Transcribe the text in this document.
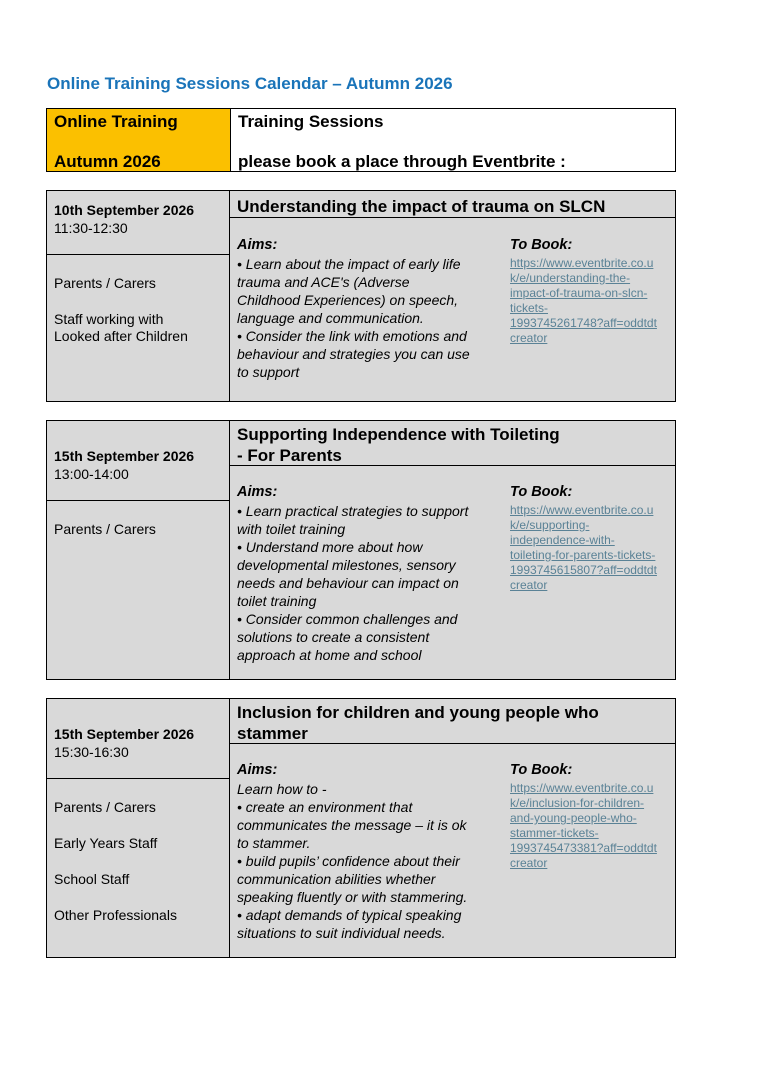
Online Training Sessions Calendar – Autumn 2026
Online Training
Autumn 2026
Training Sessions
please book a place through Eventbrite :
10th September 2026
11:30-12:30
Parents / Carers
Staff working with
Looked after Children
Understanding the impact of trauma on SLCN
Aims:
• Learn about the impact of early life
trauma and ACE's (Adverse
Childhood Experiences) on speech,
language and communication.
• Consider the link with emotions and
behaviour and strategies you can use
to support
To Book:
https://www.eventbrite.co.u
k/e/understanding-the-
impact-of-trauma-on-slcn-
tickets-
1993745261748?aff=oddtdt
creator
15th September 2026
13:00-14:00
Parents / Carers
Supporting Independence with Toileting
- For Parents
Aims:
• Learn practical strategies to support
with toilet training
• Understand more about how
developmental milestones, sensory
needs and behaviour can impact on
toilet training
• Consider common challenges and
solutions to create a consistent
approach at home and school
To Book:
https://www.eventbrite.co.u
k/e/supporting-
independence-with-
toileting-for-parents-tickets-
1993745615807?aff=oddtdt
creator
15th September 2026
15:30-16:30
Parents / Carers
Early Years Staff
School Staff
Other Professionals
Inclusion for children and young people who
stammer
Aims:
Learn how to -
• create an environment that
communicates the message – it is ok
to stammer.
• build pupils’ confidence about their
communication abilities whether
speaking fluently or with stammering.
• adapt demands of typical speaking
situations to suit individual needs.
To Book:
https://www.eventbrite.co.u
k/e/inclusion-for-children-
and-young-people-who-
stammer-tickets-
1993745473381?aff=oddtdt
creator
